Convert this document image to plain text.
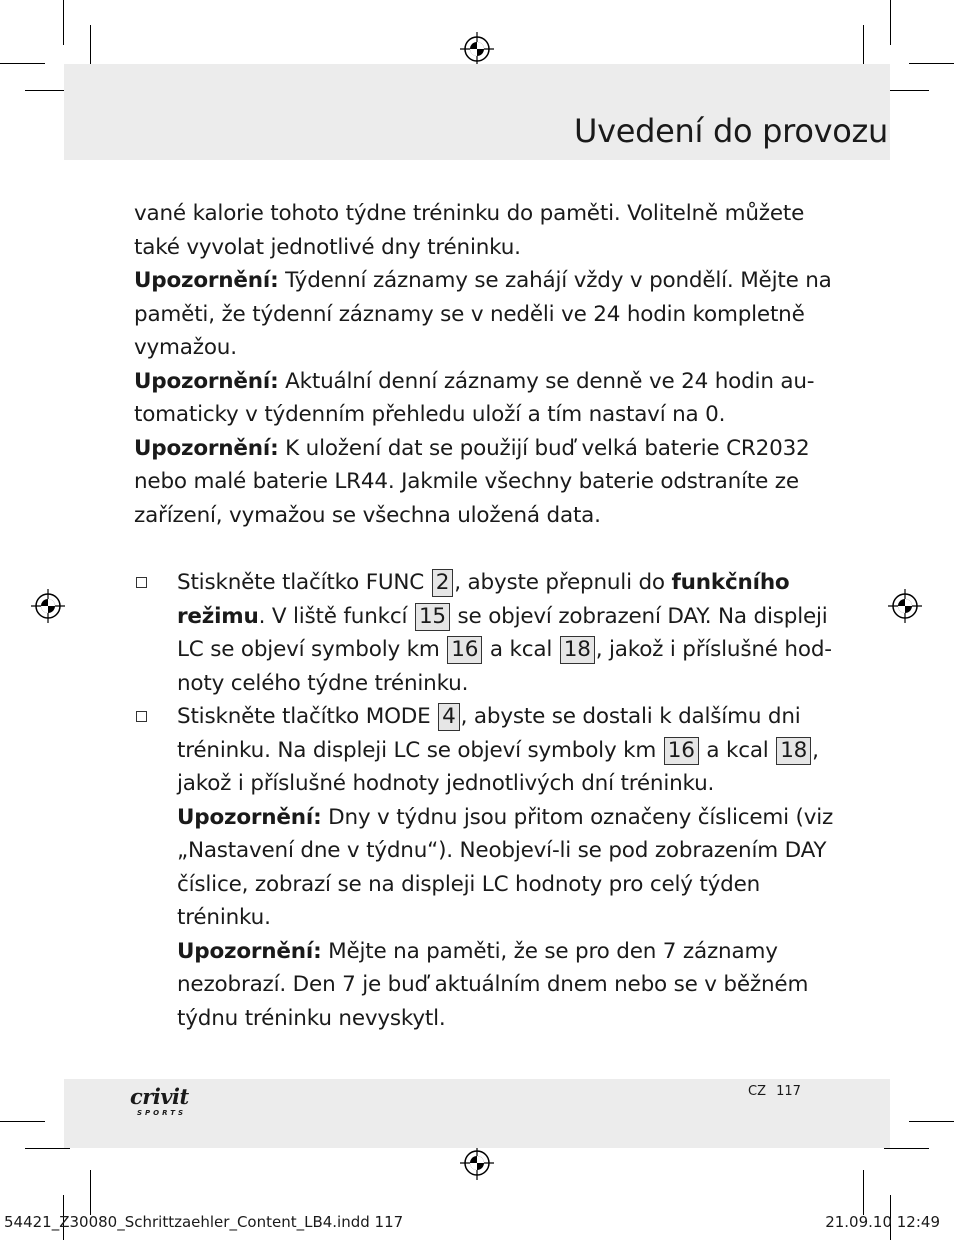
Uvedení do provozu

vané kalorie tohoto týdne tréninku do paměti. Volitelně můžete také vyvolat jednotlivé dny tréninku.

Upozornění: Týdenní záznamy se zahájí vždy v pondělí. Mějte na paměti, že týdenní záznamy se v neděli ve 24 hodin kompletně vymažou.

Upozornění: Aktuální denní záznamy se denně ve 24 hodin automaticky v týdenním přehledu uloží a tím nastaví na 0.

Upozornění: K uložení dat se použijí buď velká baterie CR2032 nebo malé baterie LR44. Jakmile všechny baterie odstraníte ze zařízení, vymažou se všechna uložená data.

Stiskněte tlačítko FUNC 2 , abyste přepnuli do funkčního režimu. V liště funkcí 15 se objeví zobrazení DAY. Na displeji LC se objeví symboly km 16 a kcal 18 , jakož i příslušné hodnoty celého týdne tréninku.

Stiskněte tlačítko MODE 4 , abyste se dostali k dalšímu dni tréninku. Na displeji LC se objeví symboly km 16 a kcal 18 , jakož i příslušné hodnoty jednotlivých dní tréninku.

Upozornění: Dny v týdnu jsou přitom označeny číslicemi (viz „Nastavení dne v týdnu“). Neobjeví-li se pod zobrazením DAY číslice, zobrazí se na displeji LC hodnoty pro celý týden tréninku.

Upozornění: Mějte na paměti, že se pro den 7 záznamy nezobrazí. Den 7 je buď aktuálním dnem nebo se v běžném týdnu tréninku nevyskytl.

crivit
SPORTS
CZ 117
54421_Z30080_Schrittzaehler_Content_LB4.indd 117	21.09.10 12:49
